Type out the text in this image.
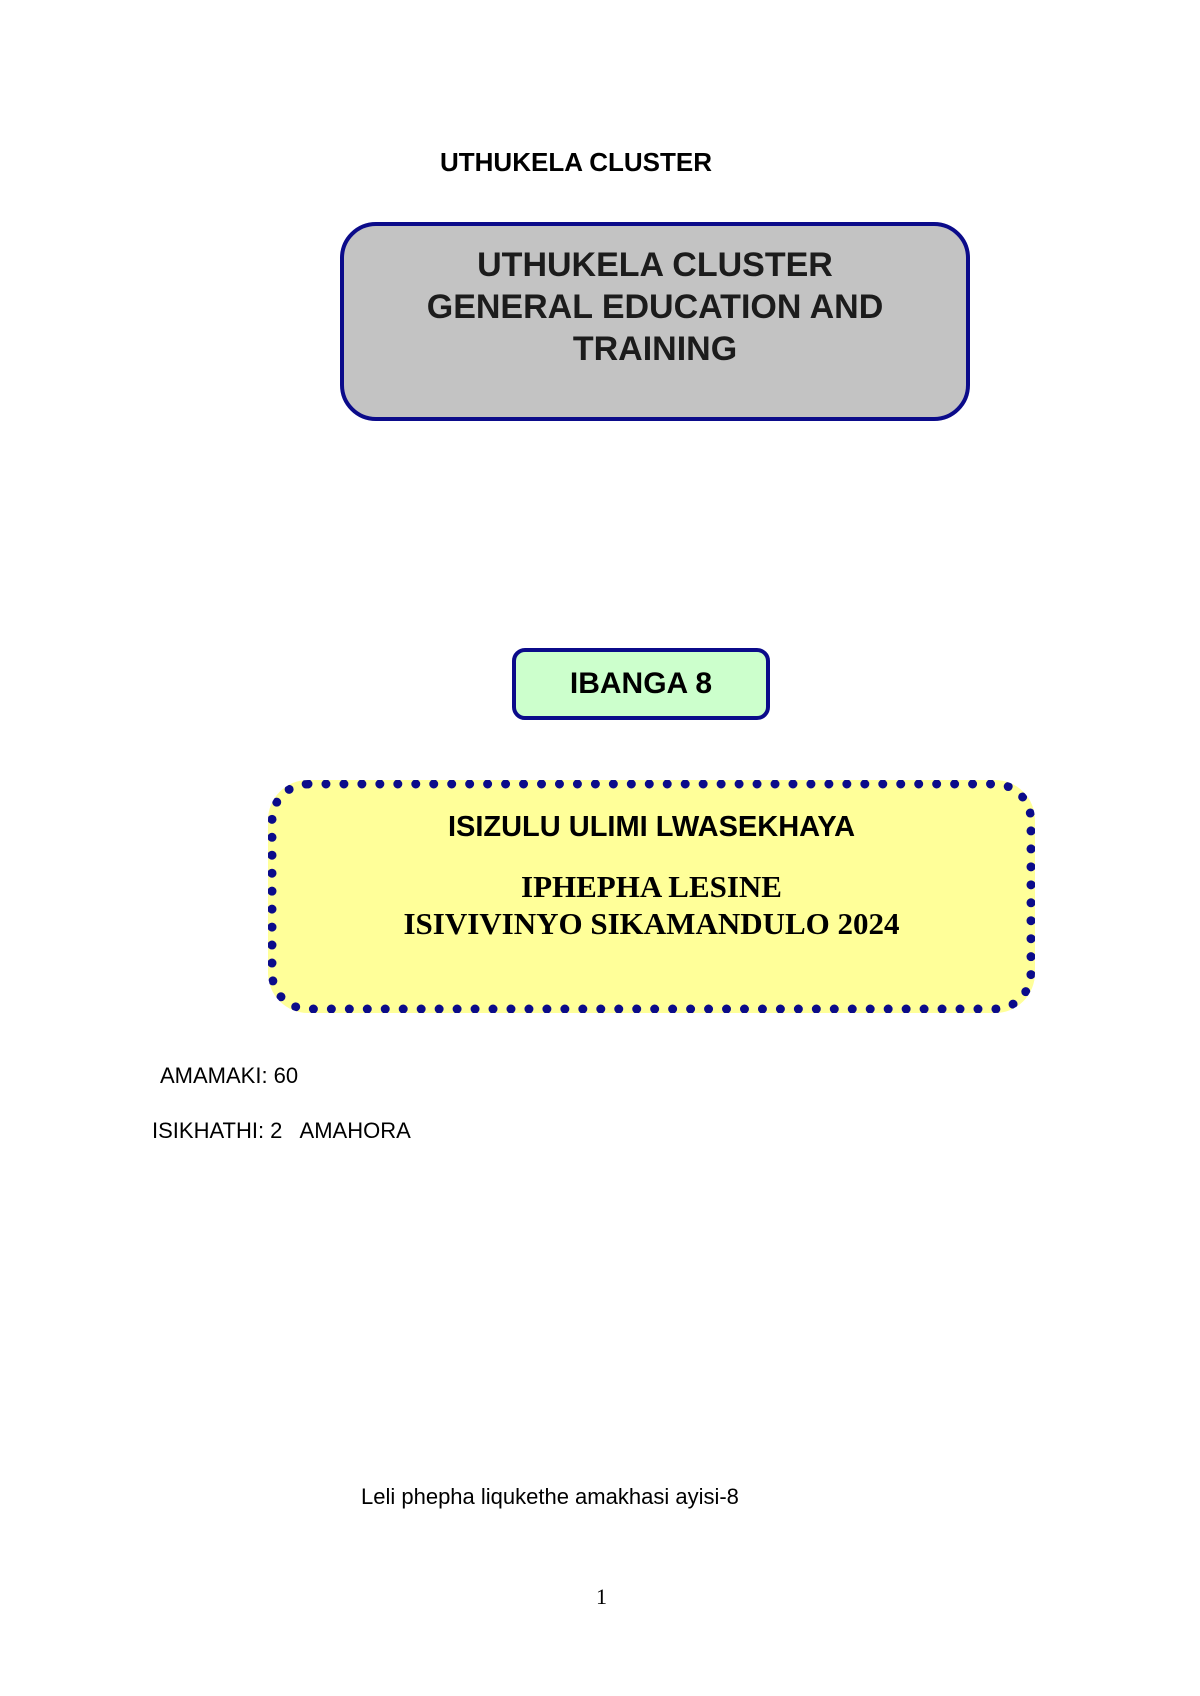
UTHUKELA CLUSTER
UTHUKELA CLUSTER
GENERAL EDUCATION AND
TRAINING
IBANGA 8
ISIZULU ULIMI LWASEKHAYA
IPHEPHA LESINE
ISIVIVINYO SIKAMANDULO 2024
AMAMAKI: 60
ISIKHATHI: 2   AMAHORA
Leli phepha liqukethe amakhasi ayisi-8
1
